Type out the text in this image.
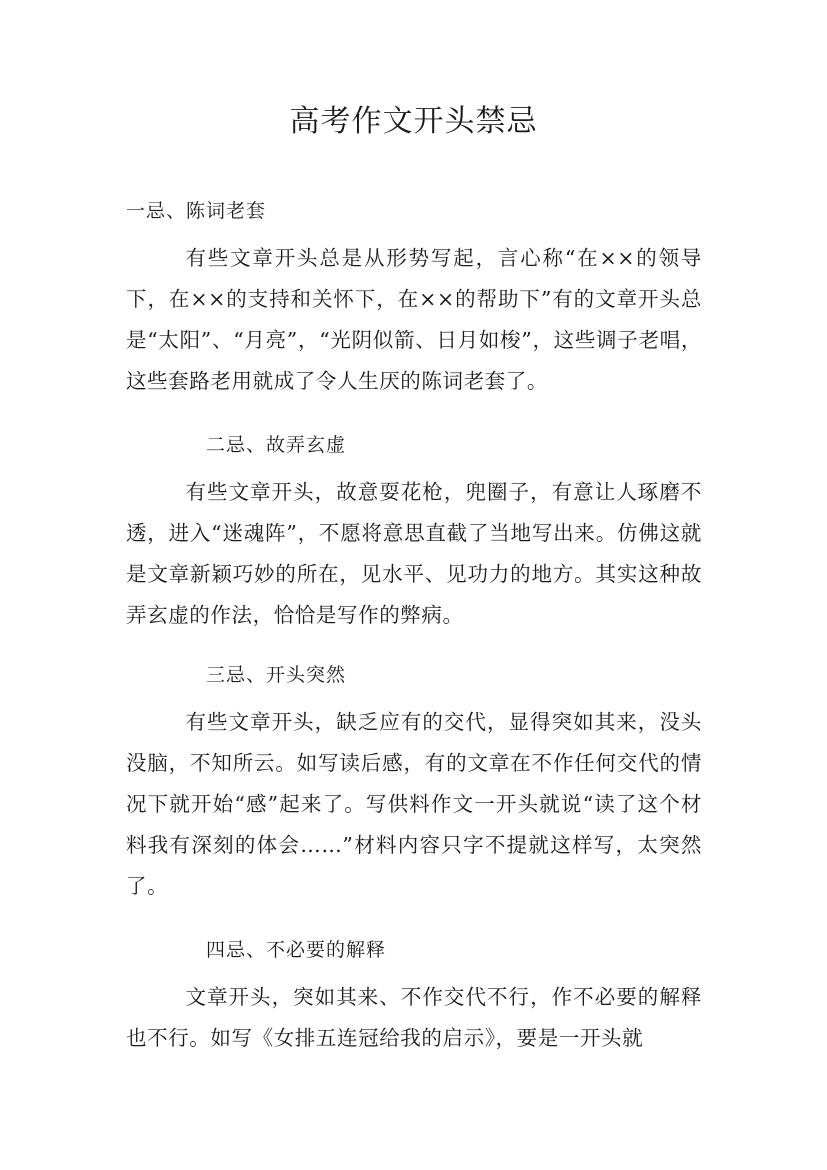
高考作文开头禁忌
一忌、陈词老套
有些文章开头总是从形势写起，言心称“在××的领导下，在××的支持和关怀下，在××的帮助下”有的文章开头总是“太阳”、“月亮”，“光阴似箭、日月如梭”，这些调子老唱，这些套路老用就成了令人生厌的陈词老套了。
二忌、故弄玄虚
有些文章开头，故意耍花枪，兜圈子，有意让人琢磨不透，进入“迷魂阵”，不愿将意思直截了当地写出来。仿佛这就是文章新颖巧妙的所在，见水平、见功力的地方。其实这种故弄玄虚的作法，恰恰是写作的弊病。
三忌、开头突然
有些文章开头，缺乏应有的交代，显得突如其来，没头没脑，不知所云。如写读后感，有的文章在不作任何交代的情况下就开始“感”起来了。写供料作文一开头就说“读了这个材料我有深刻的体会……”材料内容只字不提就这样写，太突然了。
四忌、不必要的解释
文章开头，突如其来、不作交代不行，作不必要的解释也不行。如写《女排五连冠给我的启示》，要是一开头就
